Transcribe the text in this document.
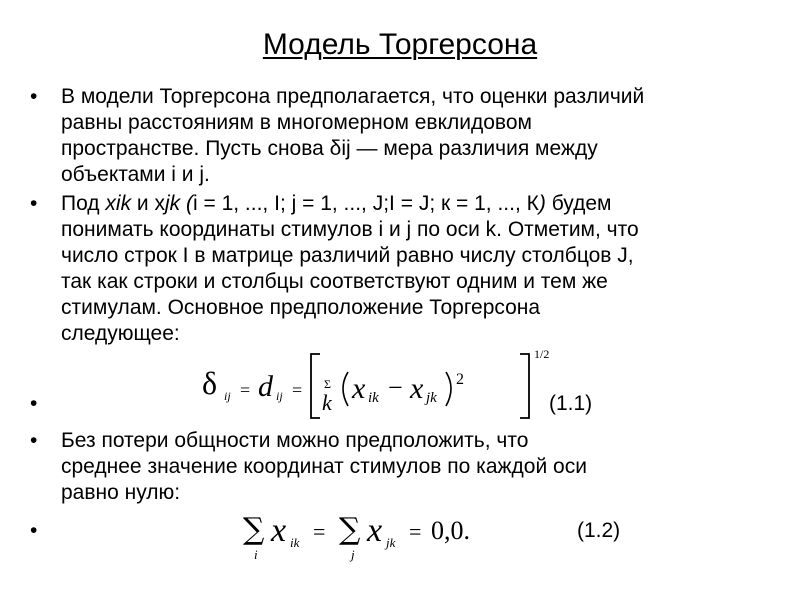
Модель Торгерсона
• В модели Торгерсона предполагается, что оценки различий
равны расстояниям в многомерном евклидовом
пространстве. Пусть снова δij — мера различия между
объектами i и j.
• Под xik и xjk (i = 1, ..., I; j = 1, ..., J;I = J; к = 1, ..., К) будем
понимать координаты стимулов i и j по оси k. Отметим, что
число строк I в матрице различий равно числу столбцов J,
так как строки и столбцы соответствуют одним и тем же
стимулам. Основное предположение Торгерсона
следующее:
•
δ ij = d ij = Σ
k x ik − x jk
2
1/2
(1.1)
• Без потери общности можно предположить, что
среднее значение координат стимулов по каждой оси
равно нулю:
•	∑
i
x ik = ∑
j
x jk = 0,0.	(1.2)
